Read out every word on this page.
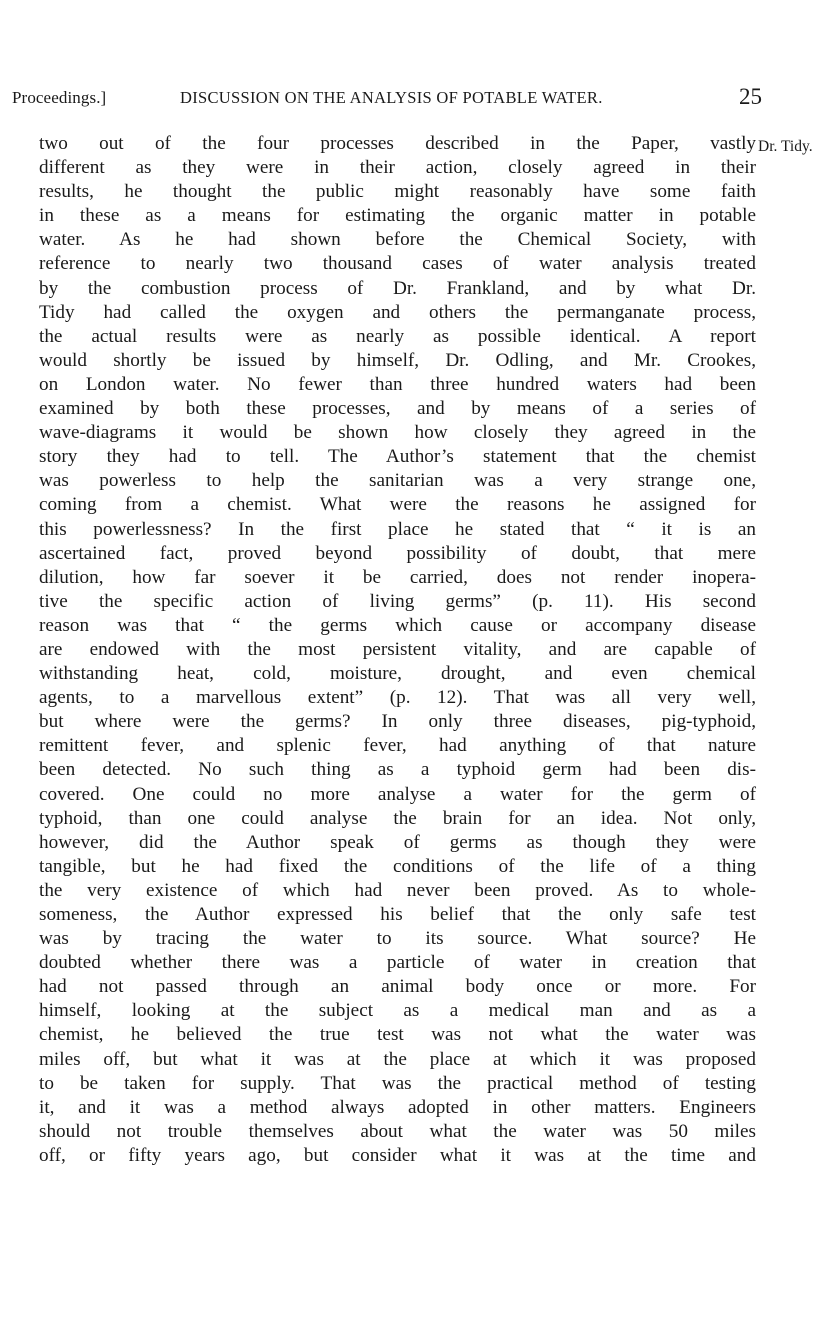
Proceedings.]	DISCUSSION ON THE ANALYSIS OF POTABLE WATER.	25
Dr. Tidy.
two out of the four processes described in the Paper, vastly
different as they were in their action, closely agreed in their
results, he thought the public might reasonably have some faith
in these as a means for estimating the organic matter in potable
water. As he had shown before the Chemical Society, with
reference to nearly two thousand cases of water analysis treated
by the combustion process of Dr. Frankland, and by what Dr.
Tidy had called the oxygen and others the permanganate process,
the actual results were as nearly as possible identical. A report
would shortly be issued by himself, Dr. Odling, and Mr. Crookes,
on London water. No fewer than three hundred waters had been
examined by both these processes, and by means of a series of
wave-diagrams it would be shown how closely they agreed in the
story they had to tell. The Author’s statement that the chemist
was powerless to help the sanitarian was a very strange one,
coming from a chemist. What were the reasons he assigned for
this powerlessness? In the first place he stated that “ it is an
ascertained fact, proved beyond possibility of doubt, that mere
dilution, how far soever it be carried, does not render inopera-
tive the specific action of living germs” (p. 11). His second
reason was that “ the germs which cause or accompany disease
are endowed with the most persistent vitality, and are capable of
withstanding heat, cold, moisture, drought, and even chemical
agents, to a marvellous extent” (p. 12). That was all very well,
but where were the germs? In only three diseases, pig-typhoid,
remittent fever, and splenic fever, had anything of that nature
been detected. No such thing as a typhoid germ had been dis-
covered. One could no more analyse a water for the germ of
typhoid, than one could analyse the brain for an idea. Not only,
however, did the Author speak of germs as though they were
tangible, but he had fixed the conditions of the life of a thing
the very existence of which had never been proved. As to whole-
someness, the Author expressed his belief that the only safe test
was by tracing the water to its source. What source? He
doubted whether there was a particle of water in creation that
had not passed through an animal body once or more. For
himself, looking at the subject as a medical man and as a
chemist, he believed the true test was not what the water was
miles off, but what it was at the place at which it was proposed
to be taken for supply. That was the practical method of testing
it, and it was a method always adopted in other matters. Engineers
should not trouble themselves about what the water was 50 miles
off, or fifty years ago, but consider what it was at the time and
